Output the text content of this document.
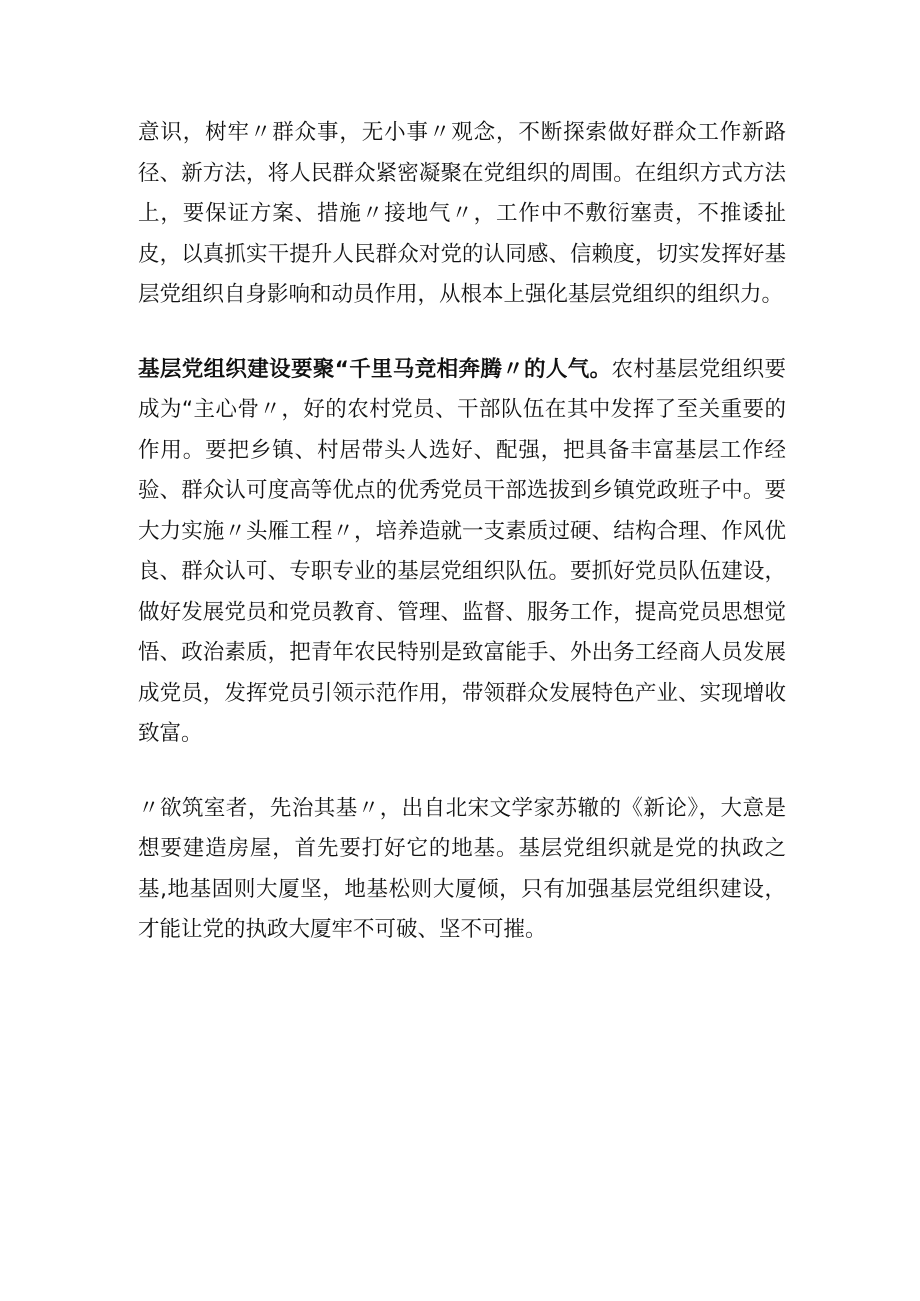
意识，树牢〃群众事，无小事〃观念，不断探索做好群众工作新路径、新方法，将人民群众紧密凝聚在党组织的周围。在组织方式方法上，要保证方案、措施〃接地气〃，工作中不敷衍塞责，不推诿扯皮，以真抓实干提升人民群众对党的认同感、信赖度，切实发挥好基层党组织自身影响和动员作用，从根本上强化基层党组织的组织力。

基层党组织建设要聚“千里马竞相奔腾〃的人气。农村基层党组织要成为“主心骨〃，好的农村党员、干部队伍在其中发挥了至关重要的作用。要把乡镇、村居带头人选好、配强，把具备丰富基层工作经验、群众认可度高等优点的优秀党员干部选拔到乡镇党政班子中。要大力实施〃头雁工程〃，培养造就一支素质过硬、结构合理、作风优良、群众认可、专职专业的基层党组织队伍。要抓好党员队伍建设，做好发展党员和党员教育、管理、监督、服务工作，提高党员思想觉悟、政治素质，把青年农民特别是致富能手、外出务工经商人员发展成党员，发挥党员引领示范作用，带领群众发展特色产业、实现增收致富。

〃欲筑室者，先治其基〃，出自北宋文学家苏辙的《新论》，大意是想要建造房屋，首先要打好它的地基。基层党组织就是党的执政之基,地基固则大厦坚，地基松则大厦倾，只有加强基层党组织建设，才能让党的执政大厦牢不可破、坚不可摧。
